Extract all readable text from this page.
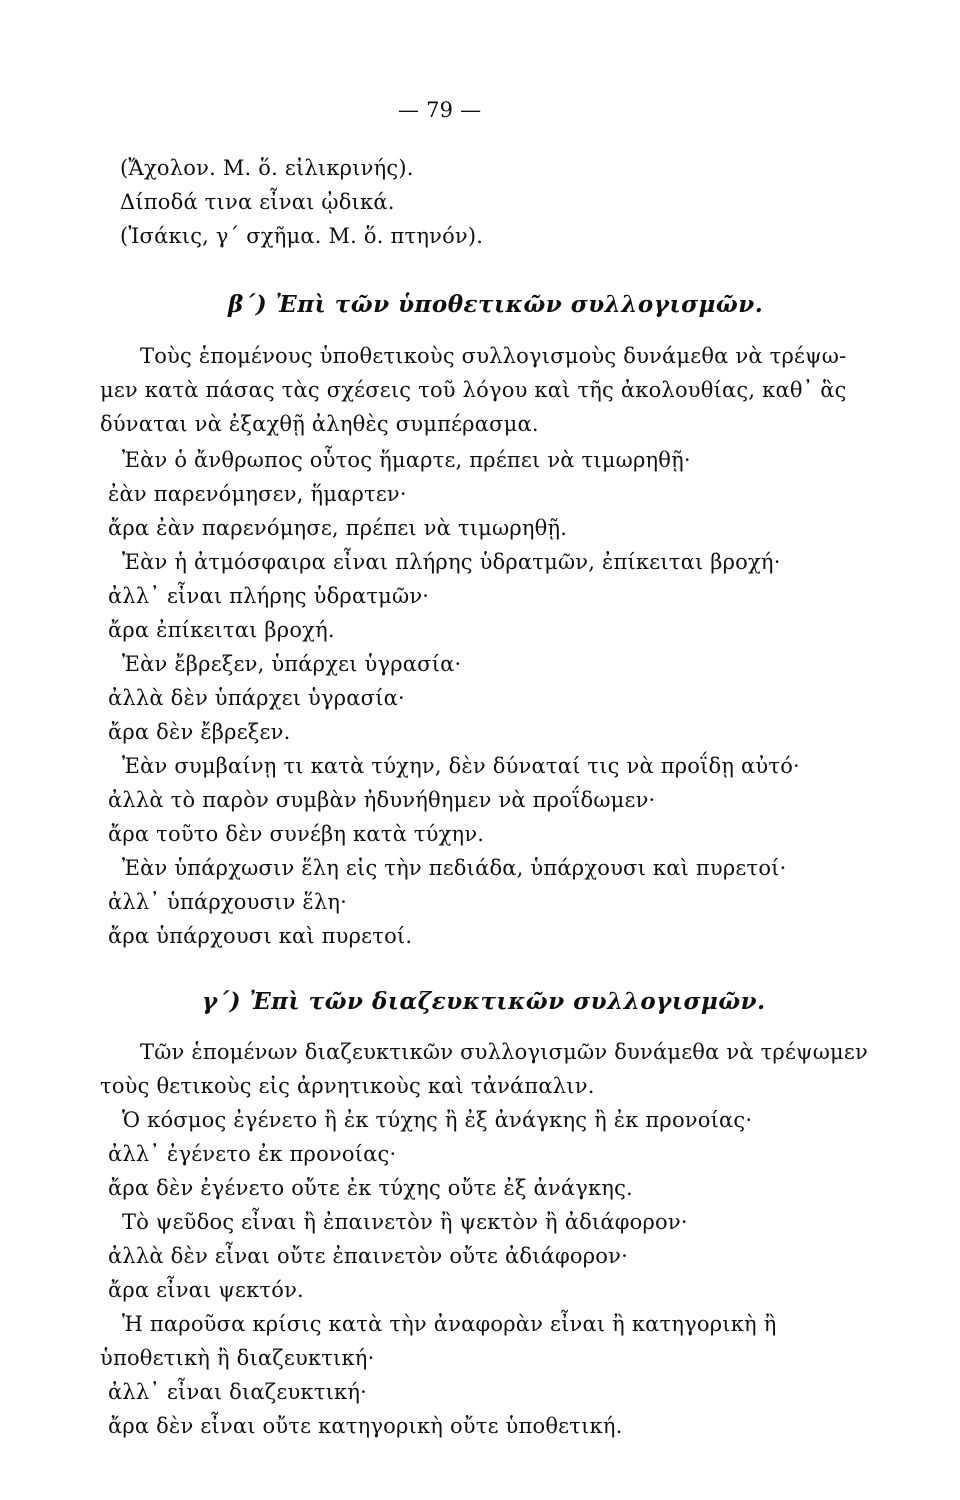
— 79 —
(Ἄχολον. Μ. ὅ. εἰλικρινής).
Δίποδά τινα εἶναι ᾠδικά.
(Ἰσάκις, γ΄ σχῆμα. Μ. ὅ. πτηνόν).
β΄) Ἐπὶ τῶν ὑποθετικῶν συλλογισμῶν.
Τοὺς ἑπομένους ὑποθετικοὺς συλλογισμοὺς δυνάμεθα νὰ τρέψω-
μεν κατὰ πάσας τὰς σχέσεις τοῦ λόγου καὶ τῆς ἀκολουθίας, καθ᾿ ἃς
δύναται νὰ ἐξαχθῇ ἀληθὲς συμπέρασμα.
Ἐὰν ὁ ἄνθρωπος οὗτος ἥμαρτε, πρέπει νὰ τιμωρηθῇ·
ἐὰν παρενόμησεν, ἥμαρτεν·
ἄρα ἐὰν παρενόμησε, πρέπει νὰ τιμωρηθῇ.
Ἐὰν ἡ ἀτμόσφαιρα εἶναι πλήρης ὑδρατμῶν, ἐπίκειται βροχή·
ἀλλ᾿ εἶναι πλήρης ὑδρατμῶν·
ἄρα ἐπίκειται βροχή.
Ἐὰν ἔβρεξεν, ὑπάρχει ὑγρασία·
ἀλλὰ δὲν ὑπάρχει ὑγρασία·
ἄρα δὲν ἔβρεξεν.
Ἐὰν συμβαίνῃ τι κατὰ τύχην, δὲν δύναταί τις νὰ προΐδῃ αὐτό·
ἀλλὰ τὸ παρὸν συμβὰν ἠδυνήθημεν νὰ προΐδωμεν·
ἄρα τοῦτο δὲν συνέβη κατὰ τύχην.
Ἐὰν ὑπάρχωσιν ἕλη εἰς τὴν πεδιάδα, ὑπάρχουσι καὶ πυρετοί·
ἀλλ᾿ ὑπάρχουσιν ἕλη·
ἄρα ὑπάρχουσι καὶ πυρετοί.
γ΄) Ἐπὶ τῶν διαζευκτικῶν συλλογισμῶν.
Τῶν ἑπομένων διαζευκτικῶν συλλογισμῶν δυνάμεθα νὰ τρέψωμεν
τοὺς θετικοὺς εἰς ἀρνητικοὺς καὶ τἀνάπαλιν.
Ὁ κόσμος ἐγένετο ἢ ἐκ τύχης ἢ ἐξ ἀνάγκης ἢ ἐκ προνοίας·
ἀλλ᾿ ἐγένετο ἐκ προνοίας·
ἄρα δὲν ἐγένετο οὔτε ἐκ τύχης οὔτε ἐξ ἀνάγκης.
Τὸ ψεῦδος εἶναι ἢ ἐπαινετὸν ἢ ψεκτὸν ἢ ἀδιάφορον·
ἀλλὰ δὲν εἶναι οὔτε ἐπαινετὸν οὔτε ἀδιάφορον·
ἄρα εἶναι ψεκτόν.
Ἡ παροῦσα κρίσις κατὰ τὴν ἀναφορὰν εἶναι ἢ κατηγορικὴ ἢ
ὑποθετικὴ ἢ διαζευκτική·
ἀλλ᾿ εἶναι διαζευκτική·
ἄρα δὲν εἶναι οὔτε κατηγορικὴ οὔτε ὑποθετική.
